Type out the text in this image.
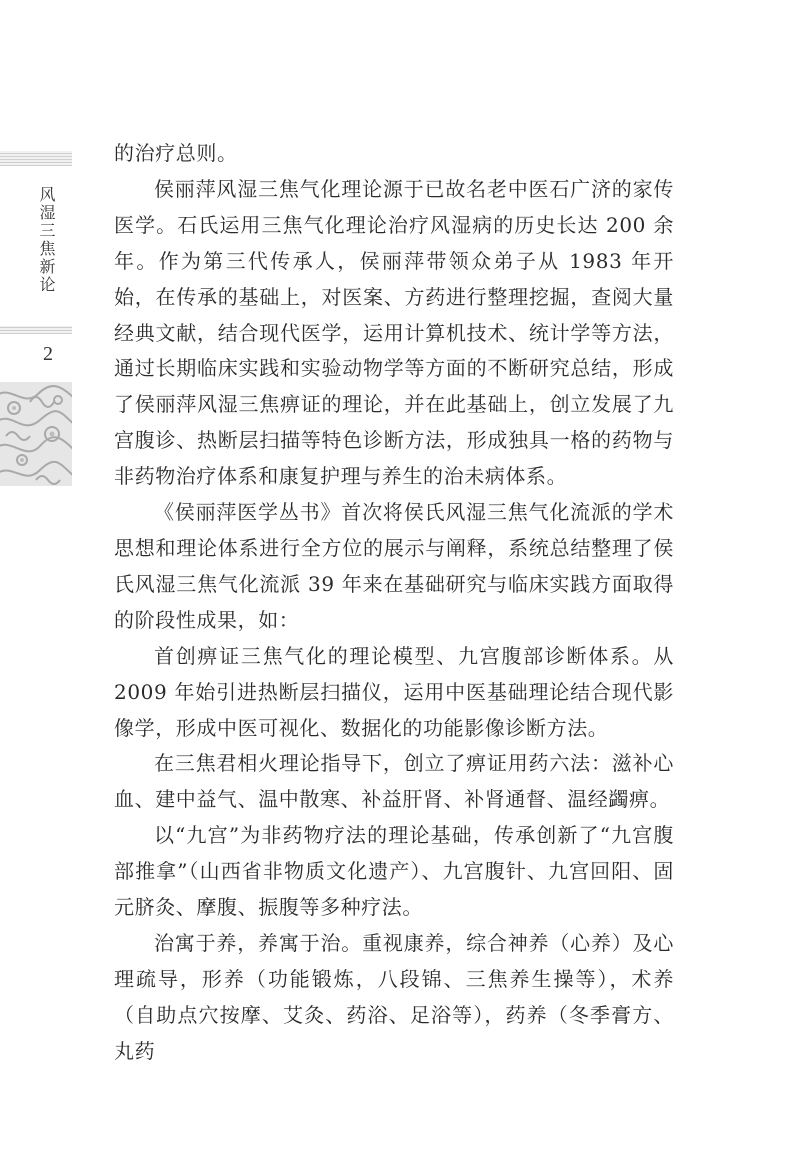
风湿三焦新论
2

的治疗总则。

侯丽萍风湿三焦气化理论源于已故名老中医石广济的家传医学。石氏运用三焦气化理论治疗风湿病的历史长达 200 余年。作为第三代传承人，侯丽萍带领众弟子从 1983 年开始，在传承的基础上，对医案、方药进行整理挖掘，查阅大量经典文献，结合现代医学，运用计算机技术、统计学等方法，通过长期临床实践和实验动物学等方面的不断研究总结，形成了侯丽萍风湿三焦痹证的理论，并在此基础上，创立发展了九宫腹诊、热断层扫描等特色诊断方法，形成独具一格的药物与非药物治疗体系和康复护理与养生的治未病体系。

《侯丽萍医学丛书》首次将侯氏风湿三焦气化流派的学术思想和理论体系进行全方位的展示与阐释，系统总结整理了侯氏风湿三焦气化流派 39 年来在基础研究与临床实践方面取得的阶段性成果，如：

首创痹证三焦气化的理论模型、九宫腹部诊断体系。从 2009 年始引进热断层扫描仪，运用中医基础理论结合现代影像学，形成中医可视化、数据化的功能影像诊断方法。

在三焦君相火理论指导下，创立了痹证用药六法：滋补心血、建中益气、温中散寒、补益肝肾、补肾通督、温经蠲痹。

以“九宫”为非药物疗法的理论基础，传承创新了“九宫腹部推拿”（山西省非物质文化遗产）、九宫腹针、九宫回阳、固元脐灸、摩腹、振腹等多种疗法。

治寓于养，养寓于治。重视康养，综合神养（心养）及心理疏导，形养（功能锻炼，八段锦、三焦养生操等），术养（自助点穴按摩、艾灸、药浴、足浴等），药养（冬季膏方、丸药
